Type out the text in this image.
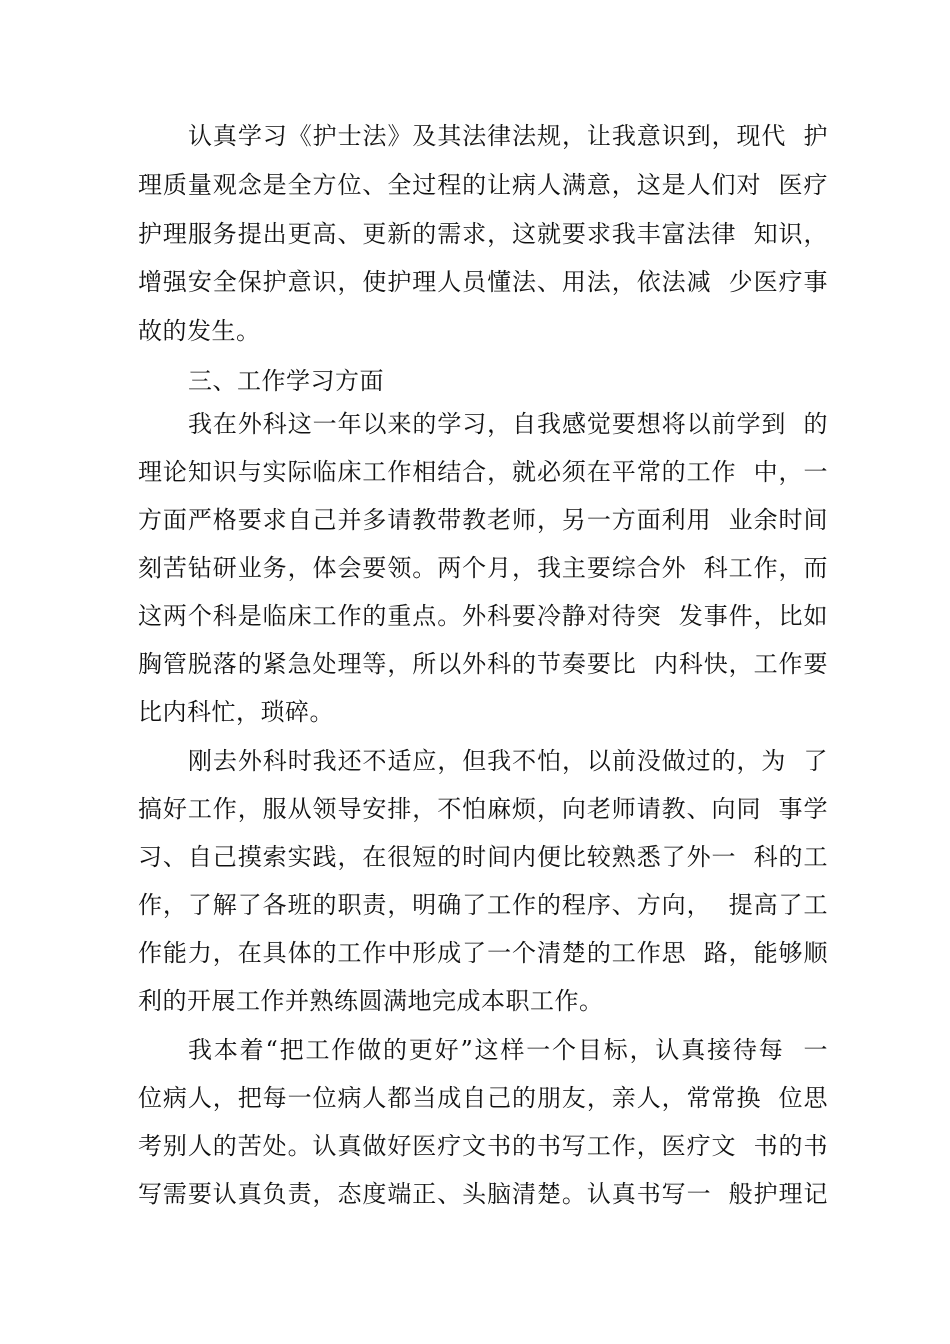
认真学习《护士法》及其法律法规，让我意识到，现代  护
理质量观念是全方位、全过程的让病人满意，这是人们对  医疗
护理服务提出更高、更新的需求，这就要求我丰富法律  知识，
增强安全保护意识，使护理人员懂法、用法，依法减  少医疗事
故的发生。
三、工作学习方面
我在外科这一年以来的学习，自我感觉要想将以前学到  的
理论知识与实际临床工作相结合，就必须在平常的工作  中，一
方面严格要求自己并多请教带教老师，另一方面利用  业余时间
刻苦钻研业务，体会要领。两个月，我主要综合外  科工作，而
这两个科是临床工作的重点。外科要冷静对待突  发事件，比如
胸管脱落的紧急处理等，所以外科的节奏要比  内科快，工作要
比内科忙，琐碎。
刚去外科时我还不适应，但我不怕，以前没做过的，为  了
搞好工作，服从领导安排，不怕麻烦，向老师请教、向同  事学
习、自己摸索实践，在很短的时间内便比较熟悉了外一  科的工
作，了解了各班的职责，明确了工作的程序、方向，  提高了工
作能力，在具体的工作中形成了一个清楚的工作思  路，能够顺
利的开展工作并熟练圆满地完成本职工作。
我本着“把工作做的更好”这样一个目标，认真接待每  一
位病人，把每一位病人都当成自己的朋友，亲人，常常换  位思
考别人的苦处。认真做好医疗文书的书写工作，医疗文  书的书
写需要认真负责，态度端正、头脑清楚。认真书写一  般护理记
